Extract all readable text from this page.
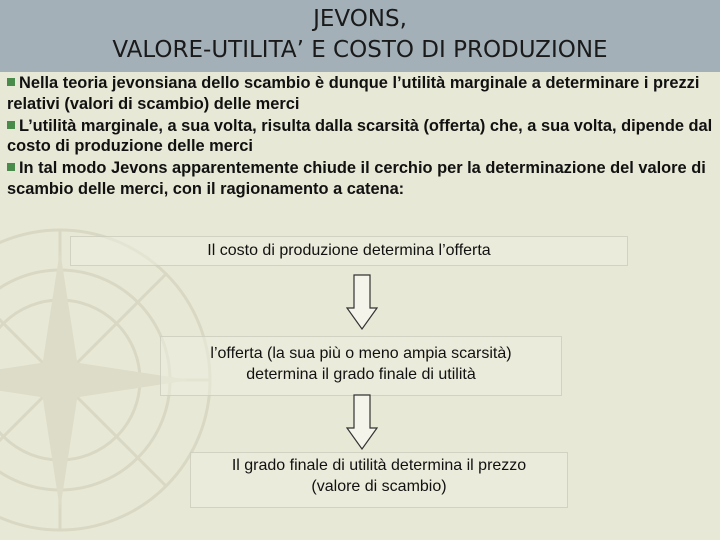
JEVONS,
VALORE-UTILITA’ E COSTO DI PRODUZIONE

Nella teoria jevonsiana dello scambio è dunque l’utilità marginale a determinare i prezzi relativi (valori di scambio) delle merci

L’utilità marginale, a sua volta, risulta dalla scarsità (offerta) che, a sua volta, dipende dal costo di produzione delle merci

In tal modo Jevons apparentemente chiude il cerchio per la determinazione del valore di scambio delle merci, con il ragionamento a catena:

Il costo di produzione determina l’offerta
l’offerta (la sua più o meno ampia scarsità)
determina il grado finale di utilità
Il grado finale di utilità determina il prezzo
(valore di scambio)
